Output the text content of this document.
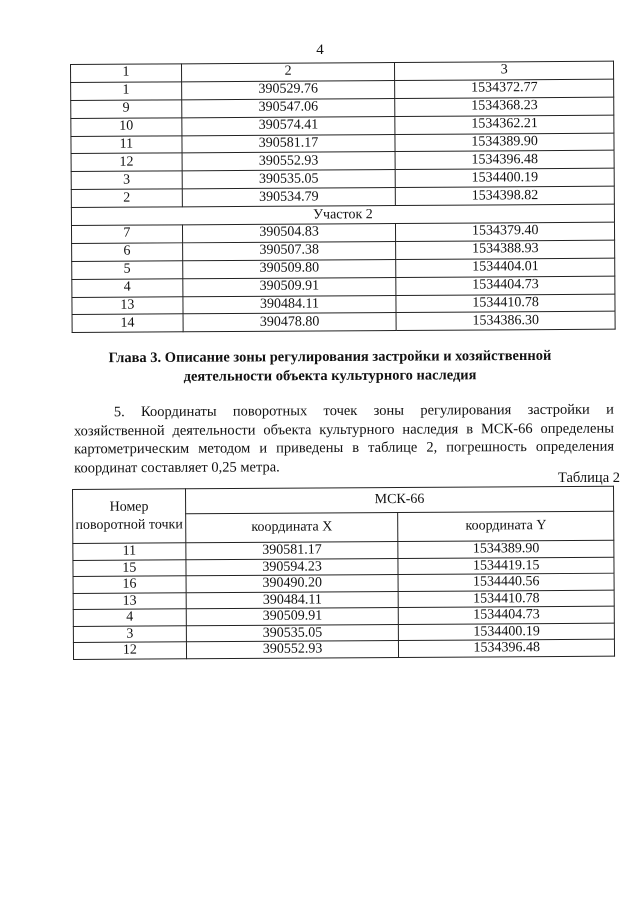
4
1	2	3
1	390529.76	1534372.77
9	390547.06	1534368.23
10	390574.41	1534362.21
11	390581.17	1534389.90
12	390552.93	1534396.48
3	390535.05	1534400.19
2	390534.79	1534398.82
Участок 2		
7	390504.83	1534379.40
6	390507.38	1534388.93
5	390509.80	1534404.01
4	390509.91	1534404.73
13	390484.11	1534410.78
14	390478.80	1534386.30
Глава 3. Описание зоны регулирования застройки и хозяйственной
деятельности объекта культурного наследия
5. Координаты поворотных точек зоны регулирования застройки и хозяйственной деятельности объекта культурного наследия в МСК-66 определены картометрическим методом и приведены в таблице 2, погрешность определения координат составляет 0,25 метра.
Таблица 2
Номер поворотной точки	МСК-66	
	координата X	координата Y
11	390581.17	1534389.90
15	390594.23	1534419.15
16	390490.20	1534440.56
13	390484.11	1534410.78
4	390509.91	1534404.73
3	390535.05	1534400.19
12	390552.93	1534396.48
